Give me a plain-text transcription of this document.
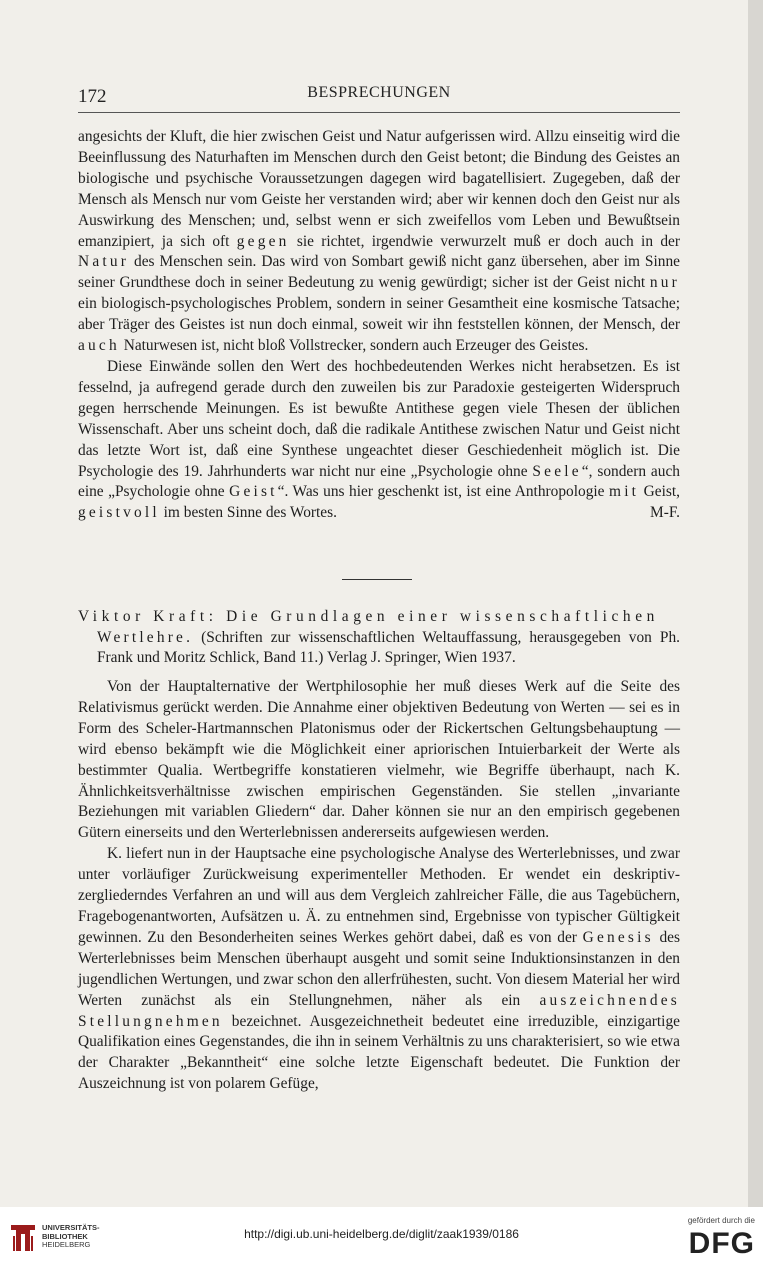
172	BESPRECHUNGEN

angesichts der Kluft, die hier zwischen Geist und Natur aufgerissen wird. Allzu einseitig wird die Beeinflussung des Naturhaften im Menschen durch den Geist betont; die Bindung des Geistes an biologische und psychische Voraussetzungen dagegen wird bagatellisiert. Zugegeben, daß der Mensch als Mensch nur vom Geiste her verstanden wird; aber wir kennen doch den Geist nur als Auswirkung des Menschen; und, selbst wenn er sich zweifellos vom Leben und Bewußtsein emanzipiert, ja sich oft gegen sie richtet, irgendwie verwurzelt muß er doch auch in der Natur des Menschen sein. Das wird von Sombart gewiß nicht ganz übersehen, aber im Sinne seiner Grundthese doch in seiner Bedeutung zu wenig gewürdigt; sicher ist der Geist nicht nur ein biologisch-psychologisches Problem, sondern in seiner Gesamtheit eine kosmische Tatsache; aber Träger des Geistes ist nun doch einmal, soweit wir ihn feststellen können, der Mensch, der auch Naturwesen ist, nicht bloß Vollstrecker, sondern auch Erzeuger des Geistes.

Diese Einwände sollen den Wert des hochbedeutenden Werkes nicht herabsetzen. Es ist fesselnd, ja aufregend gerade durch den zuweilen bis zur Paradoxie gesteigerten Widerspruch gegen herrschende Meinungen. Es ist bewußte Antithese gegen viele Thesen der üblichen Wissenschaft. Aber uns scheint doch, daß die radikale Antithese zwischen Natur und Geist nicht das letzte Wort ist, daß eine Synthese ungeachtet dieser Geschiedenheit möglich ist. Die Psychologie des 19. Jahrhunderts war nicht nur eine „Psychologie ohne Seele“, sondern auch eine „Psychologie ohne Geist“. Was uns hier geschenkt ist, ist eine Anthropologie mit Geist, geistvoll im besten Sinne des Wortes.	M-F.

Viktor Kraft: Die Grundlagen einer wissenschaftlichen
Wertlehre. (Schriften zur wissenschaftlichen Weltauffassung, herausgegeben von Ph. Frank und Moritz Schlick, Band 11.) Verlag J. Springer, Wien 1937.

Von der Hauptalternative der Wertphilosophie her muß dieses Werk auf die Seite des Relativismus gerückt werden. Die Annahme einer objektiven Bedeutung von Werten — sei es in Form des Scheler-Hartmannschen Platonismus oder der Rickertschen Geltungsbehauptung — wird ebenso bekämpft wie die Möglichkeit einer apriorischen Intuierbarkeit der Werte als bestimmter Qualia. Wertbegriffe konstatieren vielmehr, wie Begriffe überhaupt, nach K. Ähnlichkeitsverhältnisse zwischen empirischen Gegenständen. Sie stellen „invariante Beziehungen mit variablen Gliedern“ dar. Daher können sie nur an den empirisch gegebenen Gütern einerseits und den Werterlebnissen andererseits aufgewiesen werden.

K. liefert nun in der Hauptsache eine psychologische Analyse des Werterlebnisses, und zwar unter vorläufiger Zurückweisung experimenteller Methoden. Er wendet ein deskriptiv-zergliederndes Verfahren an und will aus dem Vergleich zahlreicher Fälle, die aus Tagebüchern, Fragebogenantworten, Aufsätzen u. Ä. zu entnehmen sind, Ergebnisse von typischer Gültigkeit gewinnen. Zu den Besonderheiten seines Werkes gehört dabei, daß es von der Genesis des Werterlebnisses beim Menschen überhaupt ausgeht und somit seine Induktionsinstanzen in den jugendlichen Wertungen, und zwar schon den allerfrühesten, sucht. Von diesem Material her wird Werten zunächst als ein Stellungnehmen, näher als ein auszeichnendes Stellungnehmen bezeichnet. Ausgezeichnetheit bedeutet eine irreduzible, einzigartige Qualifikation eines Gegenstandes, die ihn in seinem Verhältnis zu uns charakterisiert, so wie etwa der Charakter „Bekanntheit“ eine solche letzte Eigenschaft bedeutet. Die Funktion der Auszeichnung ist von polarem Gefüge,

UNIVERSITÄTS-
BIBLIOTHEK
HEIDELBERG
http://digi.ub.uni-heidelberg.de/diglit/zaak1939/0186
gefördert durch die
DFG
